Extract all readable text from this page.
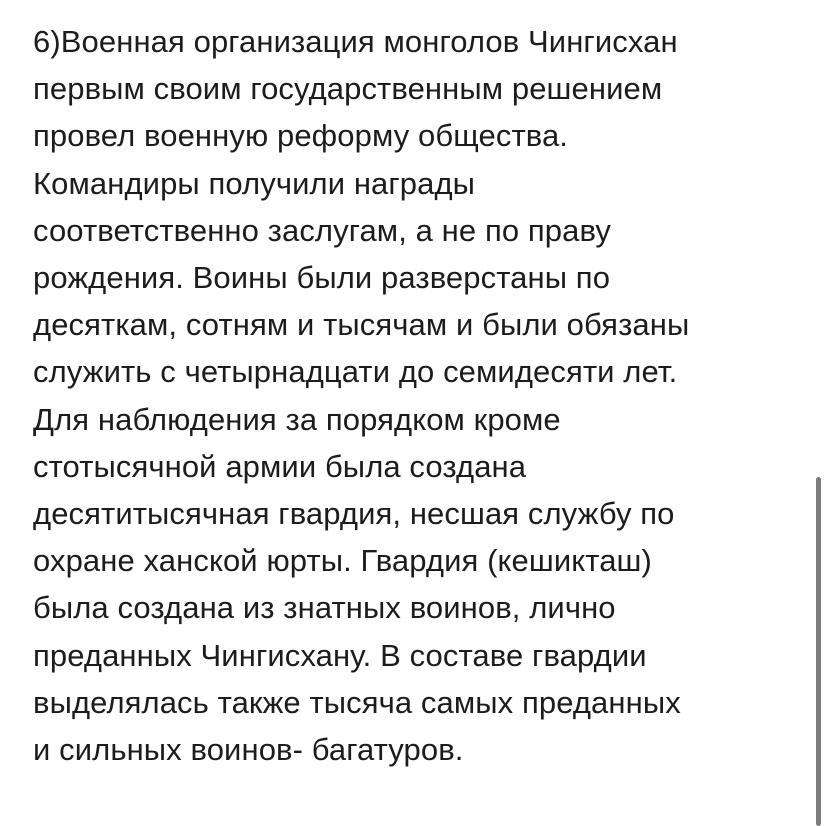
6)Военная организация монголов Чингисхан
первым своим государственным решением
провел военную реформу общества.
Командиры получили награды
соответственно заслугам, а не по праву
рождения. Воины были разверстаны по
десяткам, сотням и тысячам и были обязаны
служить с четырнадцати до семидесяти лет.
Для наблюдения за порядком кроме
стотысячной армии была создана
десятитысячная гвардия, несшая службу по
охране ханской юрты. Гвардия (кешикташ)
была создана из знатных воинов, лично
преданных Чингисхану. В составе гвардии
выделялась также тысяча самых преданных
и сильных воинов- багатуров.
